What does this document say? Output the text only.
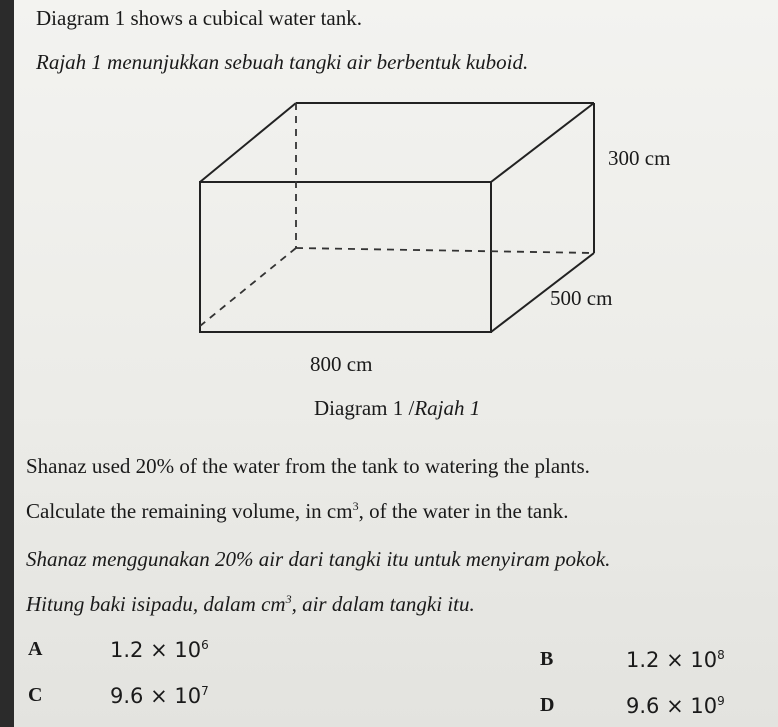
Diagram 1 shows a cubical water tank.
Rajah 1 menunjukkan sebuah tangki air berbentuk kuboid.
300 cm
500 cm
800 cm
Diagram 1 /Rajah 1
Shanaz used 20% of the water from the tank to watering the plants.
Calculate the remaining volume, in $cm^3$, of the water in the tank.
Shanaz menggunakan 20% air dari tangki itu untuk menyiram pokok.
Hitung baki isipadu, dalam $cm^3$, air dalam tangki itu.
A	$1.2 \times 10^6$
B	$1.2 \times 10^8$
C	$9.6 \times 10^7$
D	$9.6 \times 10^9$
